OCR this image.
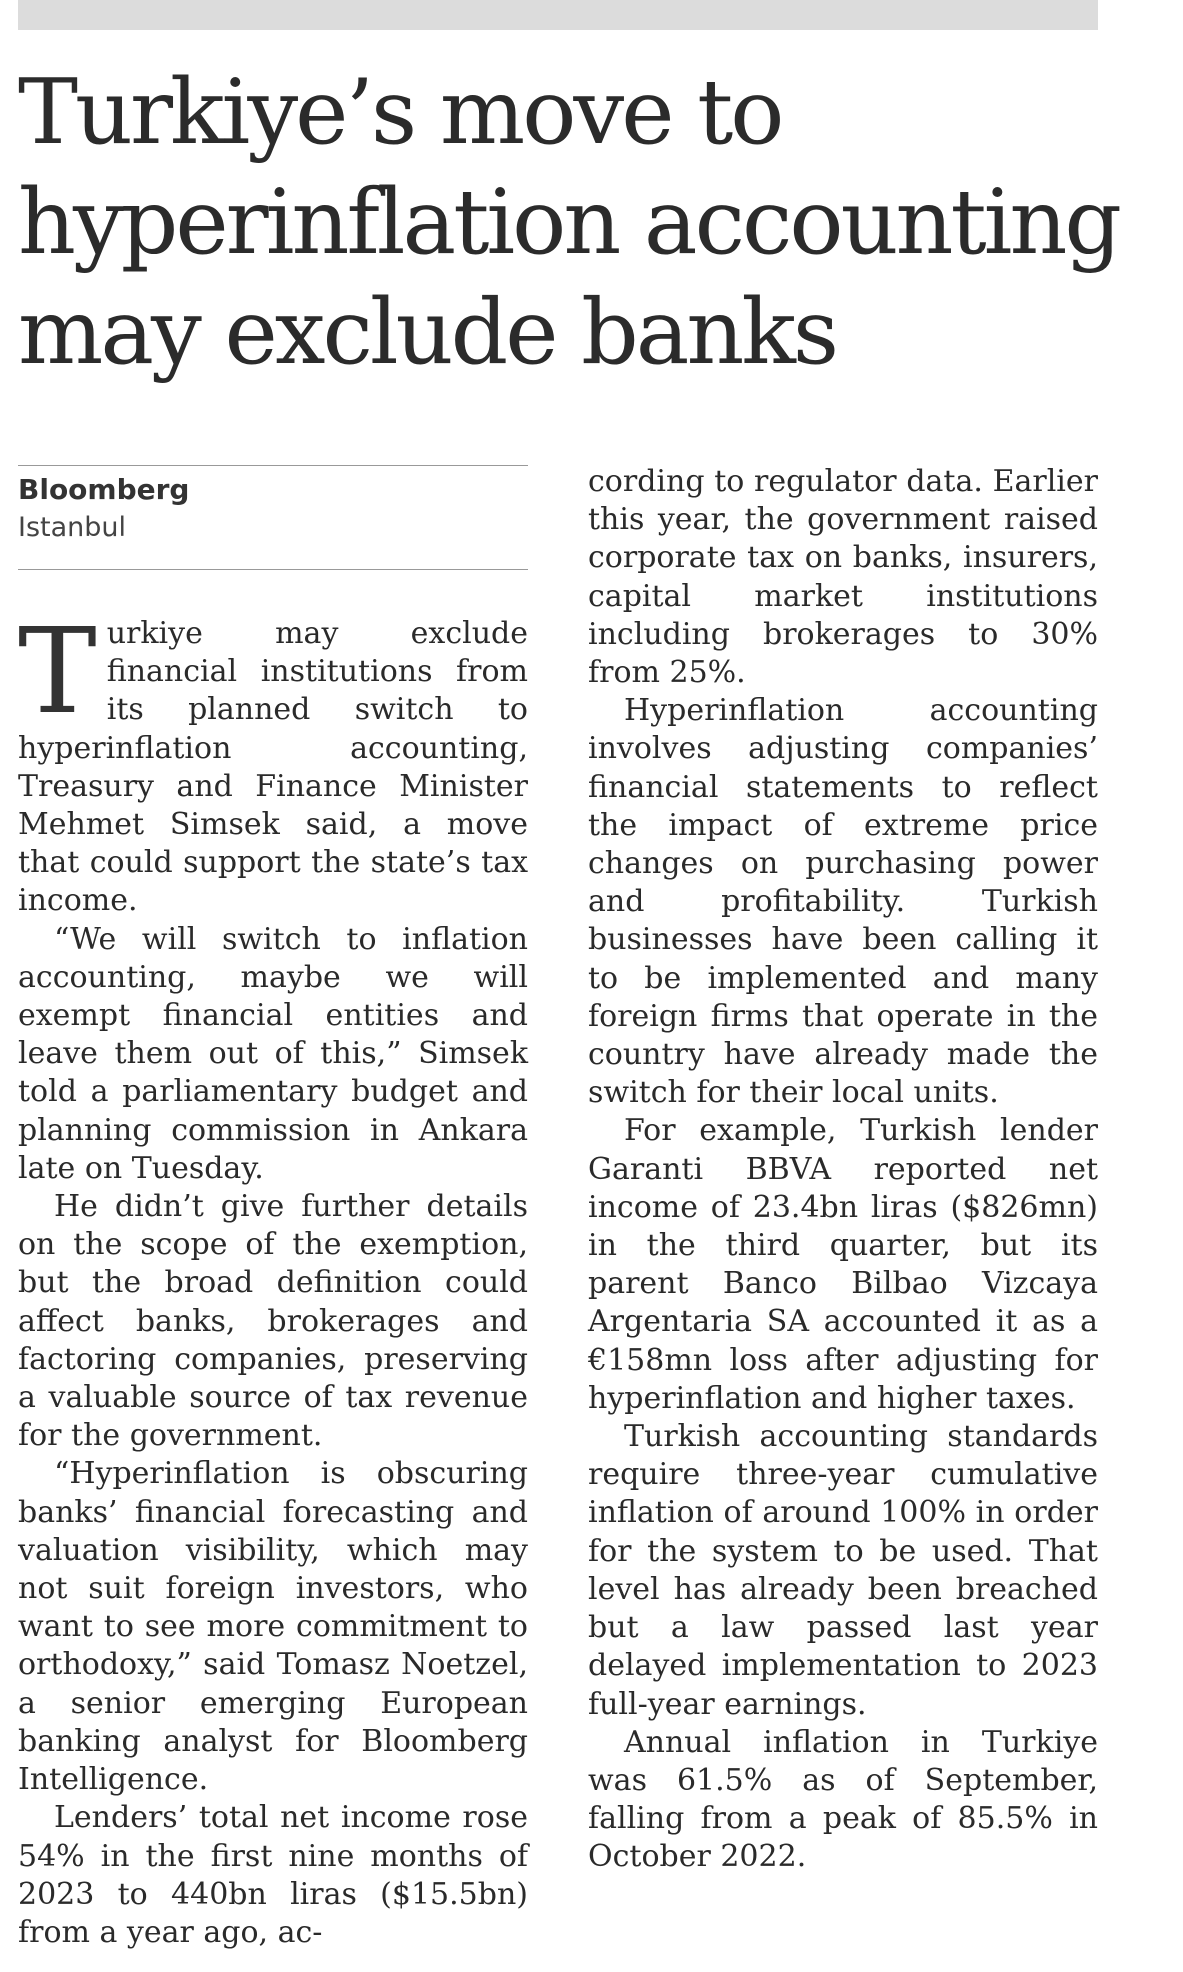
Turkiye’s move to
hyperinflation accounting
may exclude banks
Bloomberg
Istanbul

Turkiye may exclude financial institutions from its planned switch to hyperinflation accounting, Treasury and Finance Minister Mehmet Simsek said, a move that could support the state’s tax income.

“We will switch to inflation accounting, maybe we will exempt financial entities and leave them out of this,” Simsek told a parliamentary budget and planning commission in Ankara late on Tuesday.

He didn’t give further details on the scope of the exemption, but the broad definition could affect banks, brokerages and factoring companies, preserving a valuable source of tax revenue for the government.

“Hyperinflation is obscuring banks’ financial forecasting and valuation visibility, which may not suit foreign investors, who want to see more commitment to orthodoxy,” said Tomasz Noetzel, a senior emerging European banking analyst for Bloomberg Intelligence.

Lenders’ total net income rose 54% in the first nine months of 2023 to 440bn liras ($15.5bn) from a year ago, ac-

cording to regulator data. Earlier this year, the government raised corporate tax on banks, insurers, capital market institutions including brokerages to 30% from 25%.

Hyperinflation accounting involves adjusting companies’ financial statements to reflect the impact of extreme price changes on purchasing power and profitability. Turkish businesses have been calling it to be implemented and many foreign firms that operate in the country have already made the switch for their local units.

For example, Turkish lender Garanti BBVA reported net income of 23.4bn liras ($826mn) in the third quarter, but its parent Banco Bilbao Vizcaya Argentaria SA accounted it as a €158mn loss after adjusting for hyperinflation and higher taxes.

Turkish accounting standards require three-year cumulative inflation of around 100% in order for the system to be used. That level has already been breached but a law passed last year delayed implementation to 2023 full-year earnings.

Annual inflation in Turkiye was 61.5% as of September, falling from a peak of 85.5% in October 2022.
